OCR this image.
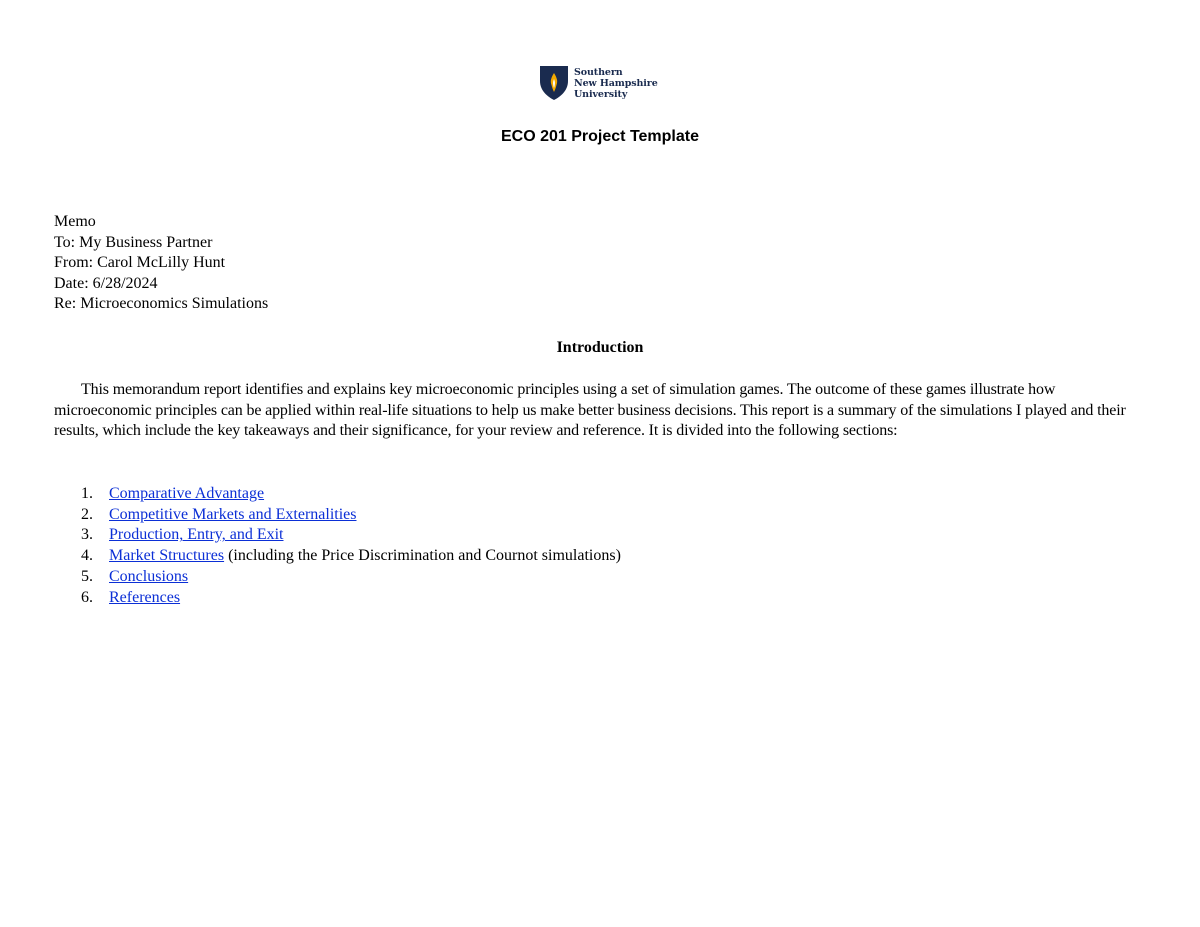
Southern
New Hampshire
University
ECO 201 Project Template
Memo
To: My Business Partner
From: Carol McLilly Hunt
Date: 6/28/2024
Re: Microeconomics Simulations
Introduction

This memorandum report identifies and explains key microeconomic principles using a set of simulation games. The outcome of these games illustrate how microeconomic principles can be applied within real-life situations to help us make better business decisions. This report is a summary of the simulations I played and their results, which include the key takeaways and their significance, for your review and reference. It is divided into the following sections:

1.	Comparative Advantage
2.	Competitive Markets and Externalities
3.	Production, Entry, and Exit
4.	Market Structures (including the Price Discrimination and Cournot simulations)
5.	Conclusions
6.	References
